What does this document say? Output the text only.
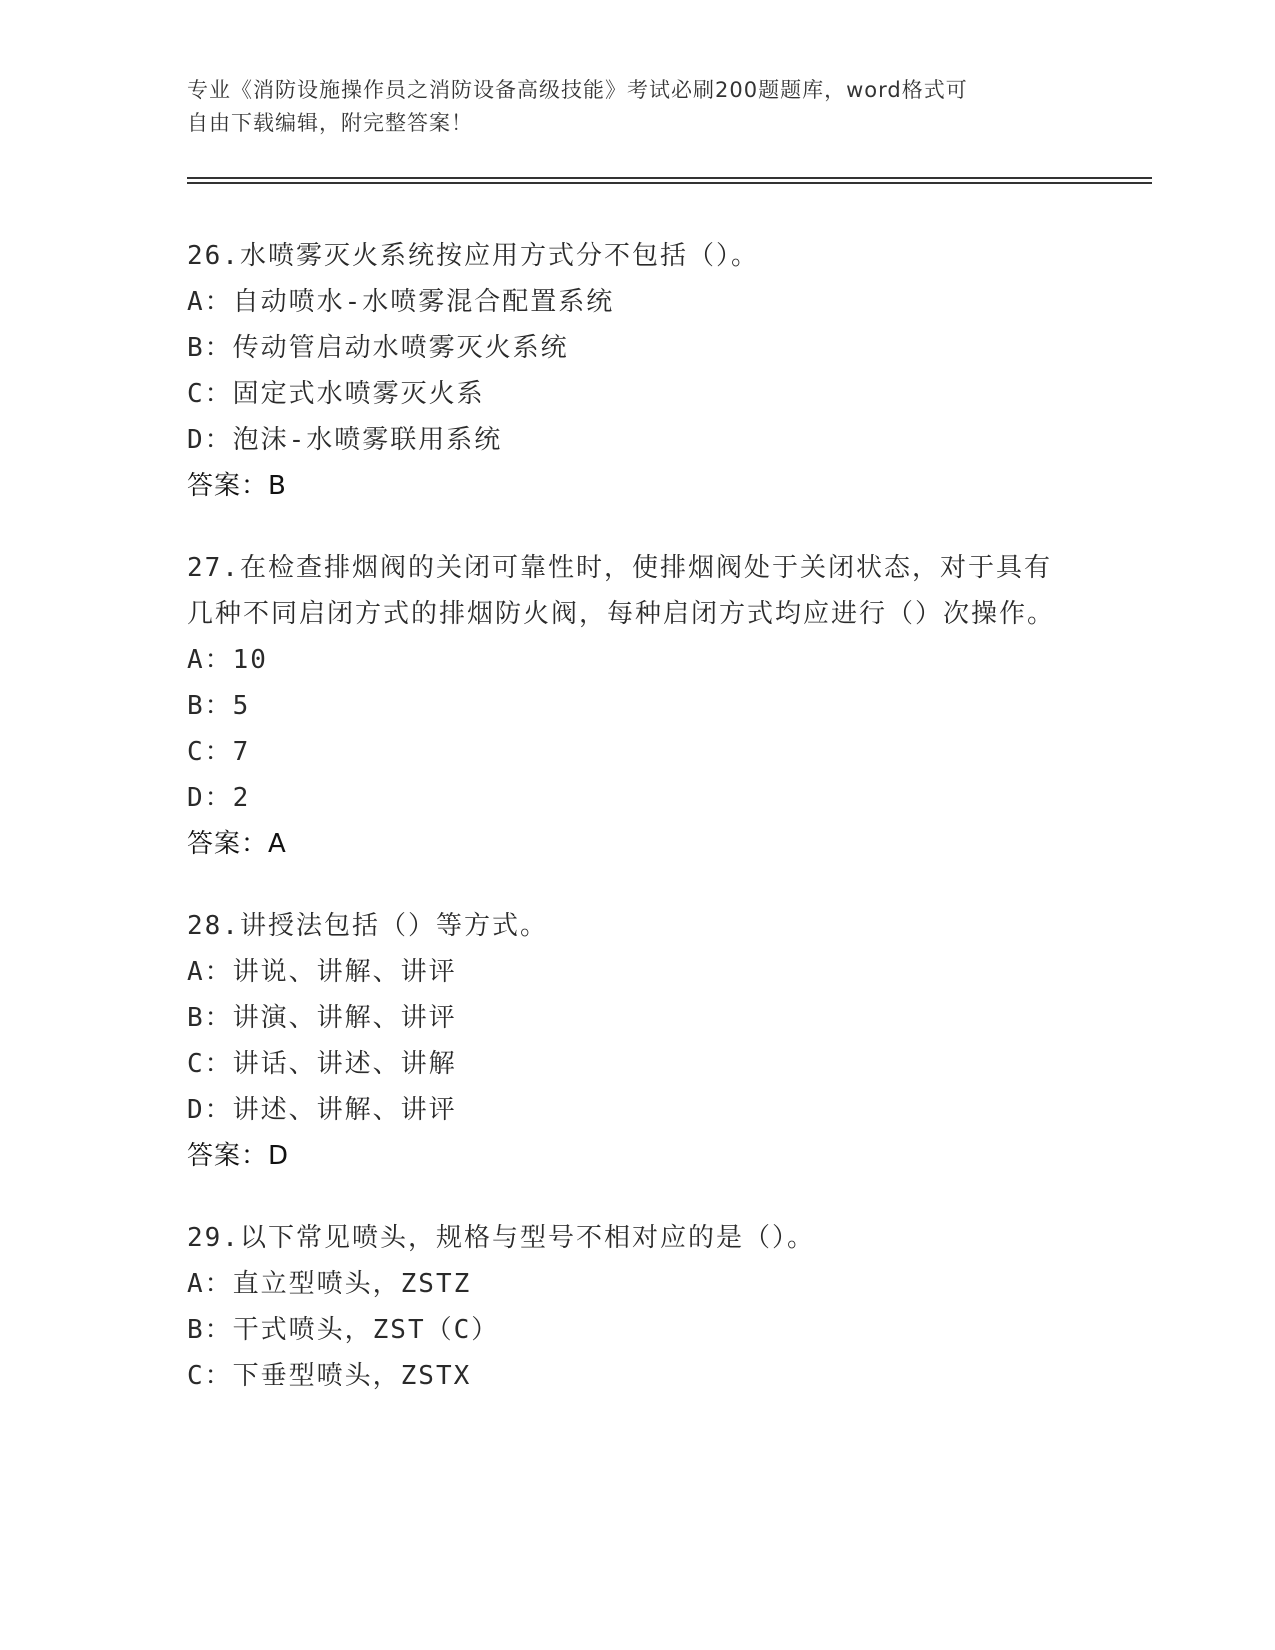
专业《消防设施操作员之消防设备高级技能》考试必刷200题题库，word格式可
自由下载编辑，附完整答案！
26.水喷雾灭火系统按应用方式分不包括（）。
A：自动喷水-水喷雾混合配置系统
B：传动管启动水喷雾灭火系统
C：固定式水喷雾灭火系
D：泡沫-水喷雾联用系统
答案：B
27.在检查排烟阀的关闭可靠性时，使排烟阀处于关闭状态，对于具有几种不同启闭方式的排烟防火阀，每种启闭方式均应进行（）次操作。
A：10
B：5
C：7
D：2
答案：A
28.讲授法包括（）等方式。
A：讲说、讲解、讲评
B：讲演、讲解、讲评
C：讲话、讲述、讲解
D：讲述、讲解、讲评
答案：D
29.以下常见喷头，规格与型号不相对应的是（）。
A：直立型喷头，ZSTZ
B：干式喷头，ZST（C）
C：下垂型喷头，ZSTX
